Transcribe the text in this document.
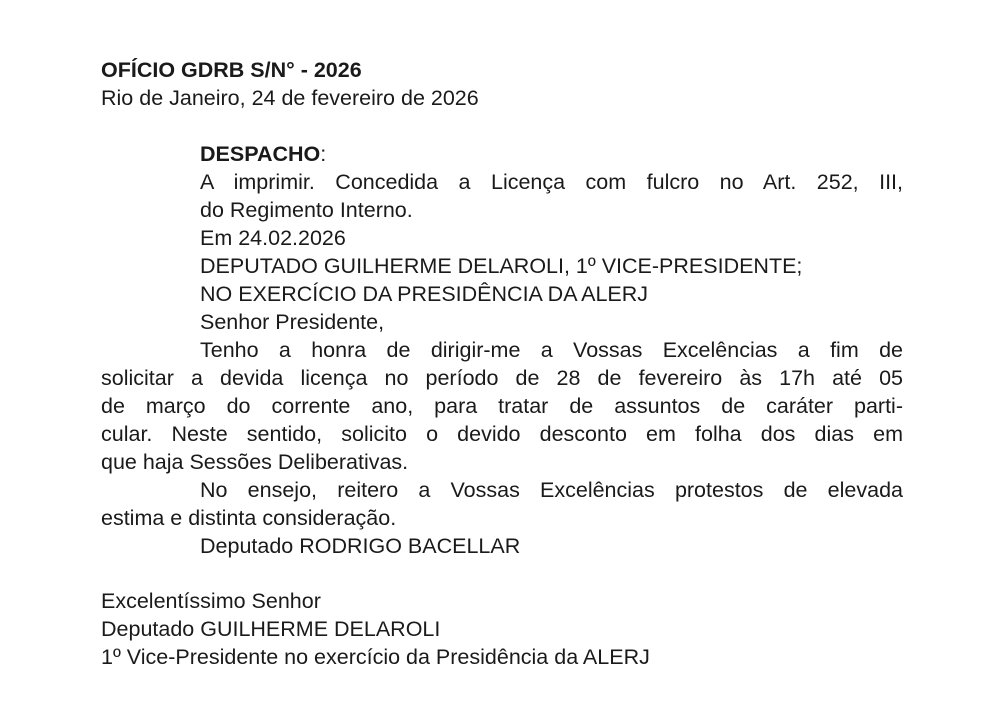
OFÍCIO GDRB S/N° - 2026
Rio de Janeiro, 24 de fevereiro de 2026
DESPACHO:
A imprimir. Concedida a Licença com fulcro no Art. 252, III,
do Regimento Interno.
Em 24.02.2026
DEPUTADO GUILHERME DELAROLI, 1º VICE-PRESIDENTE;
NO EXERCÍCIO DA PRESIDÊNCIA DA ALERJ
Senhor Presidente,
Tenho a honra de dirigir-me a Vossas Excelências a fim de
solicitar a devida licença no período de 28 de fevereiro às 17h até 05
de março do corrente ano, para tratar de assuntos de caráter parti-
cular. Neste sentido, solicito o devido desconto em folha dos dias em
que haja Sessões Deliberativas.
No ensejo, reitero a Vossas Excelências protestos de elevada
estima e distinta consideração.
Deputado RODRIGO BACELLAR
Excelentíssimo Senhor
Deputado GUILHERME DELAROLI
1º Vice-Presidente no exercício da Presidência da ALERJ
